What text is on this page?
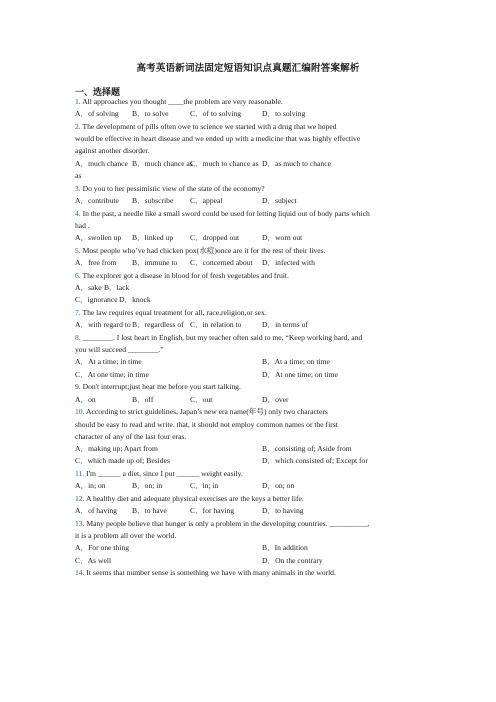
高考英语新词法固定短语知识点真题汇编附答案解析
一、选择题
1. All approaches you thought ____the problem are very reasonable.
A．of solving B．to solve	C．of to solving	D．to solving
2. The development of pills often owe to science we started with a drug that we hoped
would be effective in heart disease and we ended up with a medicine that was highly effective
against another disorder.
A．much chance B．much chance as
C．much to chance as D．as much to chance
as
3. Do you to her pessimistic view of the state of the economy?
A．contribute B．subscribe C．appeal	D．subject
4. In the past, a needle like a small sword could be used for letting liquid out of body parts which
had .
A．swollen up B．linked up C．dropped out	D．worn out
5. Most people who’ve had chicken pox(水痘)once are it for the rest of their lives.
A．free from B．immune to C．concerned about D．infected with
6. The explorer got a disease in blood for of fresh vegetables and fruit.
A．sake B．lack
C．ignorance D．knock
7. The law requires equal treatment for all, race,religion,or sex.
A．with regard to B．regardless of C．in relation to	D．in terms of
8. ________. I lost heart in English, but my teacher often said to me, “Keep working hard, and
you will succeed ________.”
A．At a time; in time	B．At a time; on time
C．At one time; in time	D．At one time; on time
9. Don't interrupt;just hear me before you start talking.
A．on	B．off	C．out	D．over
10. According to strict guidelines, Japan’s new era name(年号) only two characters
should be easy to read and write. that, it should not employ common names or the first
character of any of the last four eras.
A．making up; Apart from	B．consisting of; Aside from
C．which made up of; Besides	D．which consisted of; Except for
11. I'm ______ a diet, since I put ______ weight easily.
A．in; on	B．on; in	C．in; in	D．on; on
12. A healthy diet and adequate physical exercises are the keys a better life.
A．of having B．to have	C．for having	D．to having
13. Many people believe that hunger is only a problem in the developing countries. __________,
it is a problem all over the world.
A．For one thing	B．In addition
C．As well	D．On the contrary
14. It seems that number sense is something we have with many animals in the world.
